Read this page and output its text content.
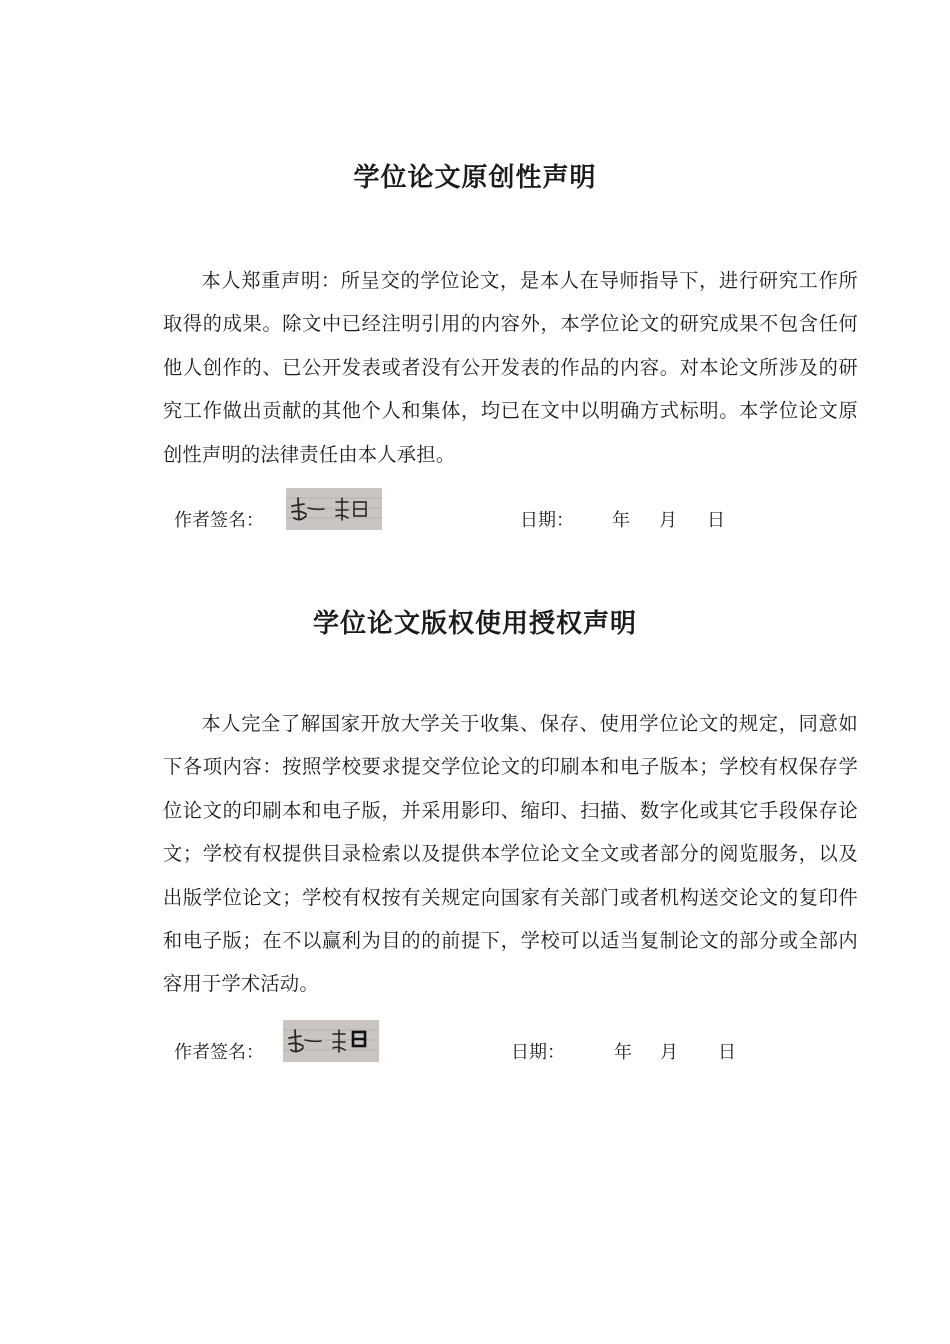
学位论文原创性声明

本人郑重声明：所呈交的学位论文，是本人在导师指导下，进行研究工作所取得的成果。除文中已经注明引用的内容外，本学位论文的研究成果不包含任何他人创作的、已公开发表或者没有公开发表的作品的内容。对本论文所涉及的研究工作做出贡献的其他个人和集体，均已在文中以明确方式标明。本学位论文原创性声明的法律责任由本人承担。

作者签名：	日期： 年 月 日
学位论文版权使用授权声明

本人完全了解国家开放大学关于收集、保存、使用学位论文的规定，同意如下各项内容：按照学校要求提交学位论文的印刷本和电子版本；学校有权保存学位论文的印刷本和电子版，并采用影印、缩印、扫描、数字化或其它手段保存论文；学校有权提供目录检索以及提供本学位论文全文或者部分的阅览服务，以及出版学位论文；学校有权按有关规定向国家有关部门或者机构送交论文的复印件和电子版；在不以赢利为目的的前提下，学校可以适当复制论文的部分或全部内容用于学术活动。

作者签名：	日期：	年 月 日
